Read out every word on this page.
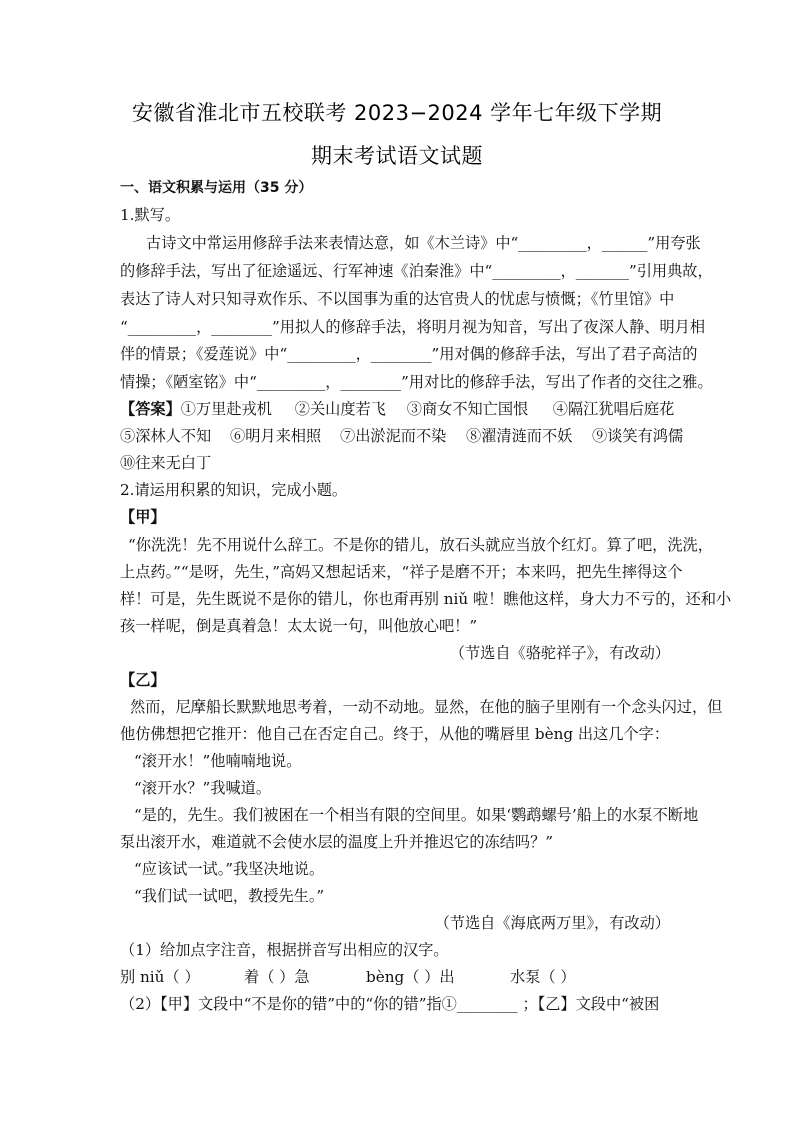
安徽省淮北市五校联考 2023−2024 学年七年级下学期
期末考试语文试题
一、语文积累与运用（35 分）
1.默写。
古诗文中常运用修辞手法来表情达意，如《木兰诗》中“_________，______”用夸张
的修辞手法，写出了征途遥远、行军神速《泊秦淮》中“_________，_______”引用典故，
表达了诗人对只知寻欢作乐、不以国事为重的达官贵人的忧虑与愤慨；《竹里馆》中
“_________，________”用拟人的修辞手法，将明月视为知音，写出了夜深人静、明月相
伴的情景；《爱莲说》中“_________，________”用对偶的修辞手法，写出了君子高洁的
情操；《陋室铭》中“_________，________”用对比的修辞手法，写出了作者的交往之雅。
【答案】①万里赴戎机 ②关山度若飞 ③商女不知亡国恨 ④隔江犹唱后庭花
⑤深林人不知 ⑥明月来相照 ⑦出淤泥而不染 ⑧濯清涟而不妖 ⑨谈笑有鸿儒
⑩往来无白丁
2.请运用积累的知识，完成小题。
【甲】
“你洗洗！先不用说什么辞工。不是你的错儿，放石头就应当放个红灯。算了吧，洗洗，
上点药。”“是呀，先生，”高妈又想起话来，“祥子是磨不开；本来吗，把先生摔得这个
样！可是，先生既说不是你的错儿，你也甭再别 niǔ 啦！瞧他这样，身大力不亏的，还和小
孩一样呢，倒是真着急！太太说一句，叫他放心吧！”
（节选自《骆驼祥子》，有改动）
【乙】
然而，尼摩船长默默地思考着，一动不动地。显然，在他的脑子里刚有一个念头闪过，但
他仿佛想把它推开：他自己在否定自己。终于，从他的嘴唇里 bèng 出这几个字：
“滚开水！”他喃喃地说。
“滚开水？”我喊道。
“是的，先生。我们被困在一个相当有限的空间里。如果‘鹦鹉螺号’船上的水泵不断地
泵出滚开水，难道就不会使水层的温度上升并推迟它的冻结吗？”
“应该试一试。”我坚决地说。
“我们试一试吧，教授先生。”
（节选自《海底两万里》，有改动）
（1）给加点字注音，根据拼音写出相应的汉字。
别 niǔ（ ）	着（ ）急	bèng（ ）出	水泵（ ）
（2）【甲】文段中“不是你的错”中的“你的错”指①________ ；【乙】文段中“被困
